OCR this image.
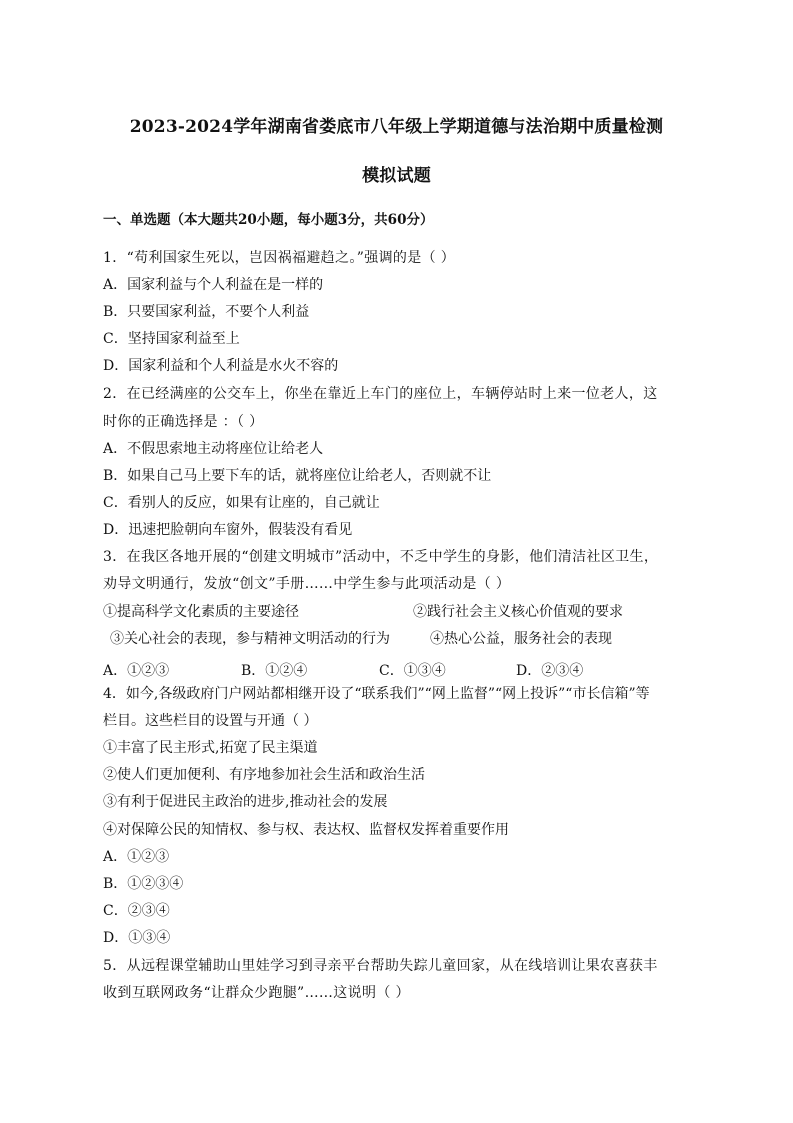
2023-2024学年湖南省娄底市八年级上学期道德与法治期中质量检测
模拟试题
一、单选题（本大题共20小题，每小题3分，共60分）
1．“苟利国家生死以，岂因祸福避趋之。”强调的是（ ）
A．国家利益与个人利益在是一样的
B．只要国家利益，不要个人利益
C．坚持国家利益至上
D．国家利益和个人利益是水火不容的
2．在已经满座的公交车上，你坐在靠近上车门的座位上，车辆停站时上来一位老人，这
时你的正确选择是 ：（ ）
A．不假思索地主动将座位让给老人
B．如果自己马上要下车的话，就将座位让给老人，否则就不让
C．看别人的反应，如果有让座的，自己就让
D．迅速把脸朝向车窗外，假装没有看见
3．在我区各地开展的“创建文明城市”活动中，不乏中学生的身影，他们清洁社区卫生，
劝导文明通行，发放“创文”手册……中学生参与此项活动是（ ）
①提高科学文化素质的主要途径	②践行社会主义核心价值观的要求
③关心社会的表现，参与精神文明活动的行为	④热心公益，服务社会的表现
A．①②③	B．①②④	C．①③④	D．②③④
4．如今,各级政府门户网站都相继开设了“联系我们”“网上监督”“网上投诉”“市长信箱”等
栏目。这些栏目的设置与开通（ ）
①丰富了民主形式,拓宽了民主渠道
②使人们更加便利、有序地参加社会生活和政治生活
③有利于促进民主政治的进步,推动社会的发展
④对保障公民的知情权、参与权、表达权、监督权发挥着重要作用
A．①②③
B．①②③④
C．②③④
D．①③④
5．从远程课堂辅助山里娃学习到寻亲平台帮助失踪儿童回家，从在线培训让果农喜获丰
收到互联网政务“让群众少跑腿”……这说明（ ）
